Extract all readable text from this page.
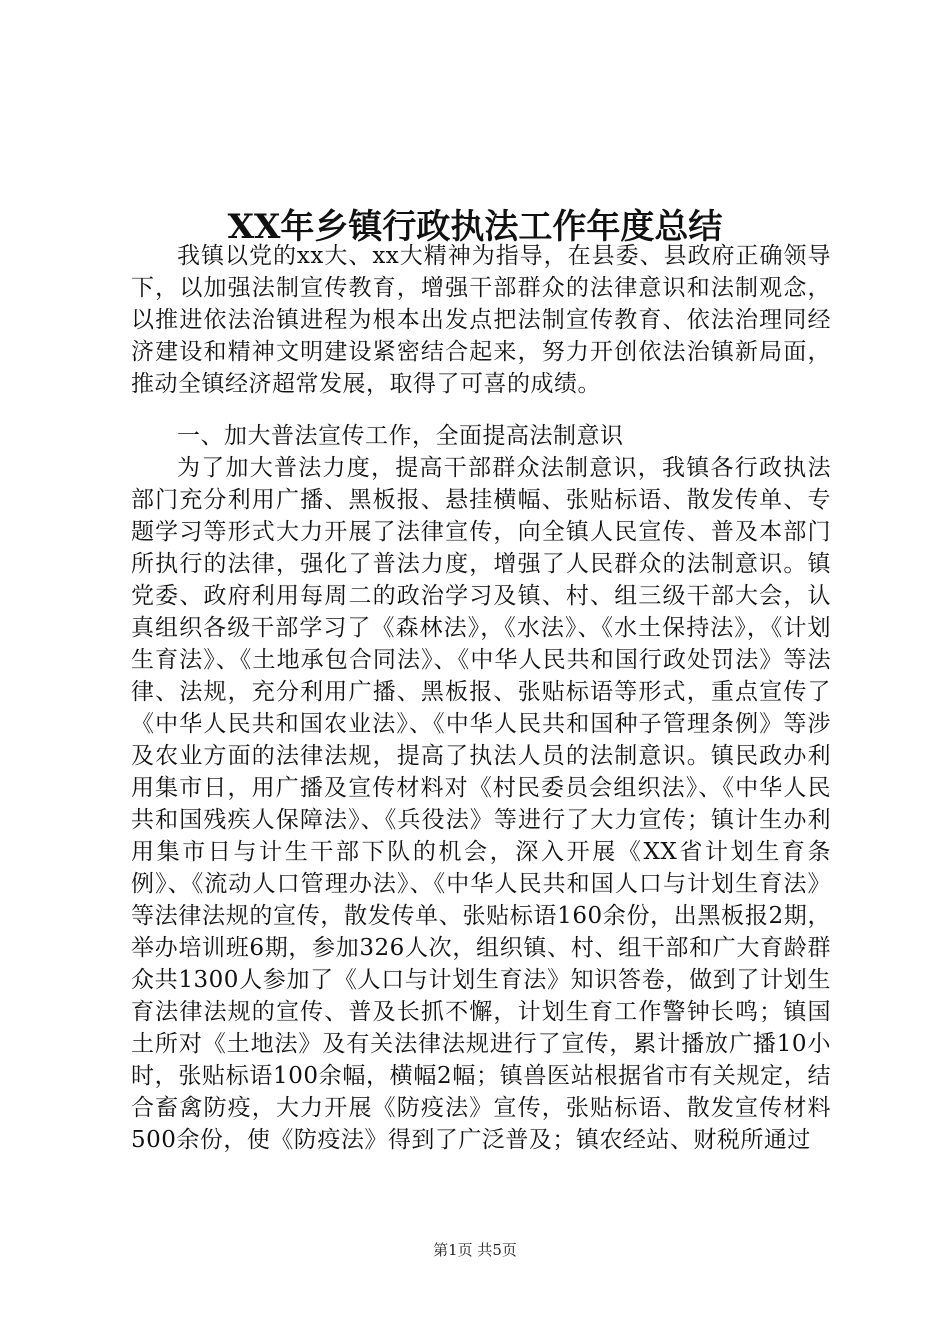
XX年乡镇行政执法工作年度总结

我镇以党的xx大、xx大精神为指导，在县委、县政府正确领导下，以加强法制宣传教育，增强干部群众的法律意识和法制观念，以推进依法治镇进程为根本出发点把法制宣传教育、依法治理同经济建设和精神文明建设紧密结合起来，努力开创依法治镇新局面，推动全镇经济超常发展，取得了可喜的成绩。

一、加大普法宣传工作，全面提高法制意识

为了加大普法力度，提高干部群众法制意识，我镇各行政执法部门充分利用广播、黑板报、悬挂横幅、张贴标语、散发传单、专题学习等形式大力开展了法律宣传，向全镇人民宣传、普及本部门所执行的法律，强化了普法力度，增强了人民群众的法制意识。镇党委、政府利用每周二的政治学习及镇、村、组三级干部大会，认真组织各级干部学习了《森林法》，《水法》、《水土保持法》，《计划生育法》、《土地承包合同法》、《中华人民共和国行政处罚法》等法律、法规，充分利用广播、黑板报、张贴标语等形式，重点宣传了《中华人民共和国农业法》、《中华人民共和国种子管理条例》等涉及农业方面的法律法规，提高了执法人员的法制意识。镇民政办利用集市日，用广播及宣传材料对《村民委员会组织法》、《中华人民共和国残疾人保障法》、《兵役法》等进行了大力宣传；镇计生办利用集市日与计生干部下队的机会，深入开展《XX省计划生育条例》、《流动人口管理办法》、《中华人民共和国人口与计划生育法》等法律法规的宣传，散发传单、张贴标语160余份，出黑板报2期，举办培训班6期，参加326人次，组织镇、村、组干部和广大育龄群众共1300人参加了《人口与计划生育法》知识答卷，做到了计划生育法律法规的宣传、普及长抓不懈，计划生育工作警钟长鸣；镇国土所对《土地法》及有关法律法规进行了宣传，累计播放广播10小时，张贴标语100余幅，横幅2幅；镇兽医站根据省市有关规定，结合畜禽防疫，大力开展《防疫法》宣传，张贴标语、散发宣传材料500余份，使《防疫法》得到了广泛普及；镇农经站、财税所通过

第1页 共5页
